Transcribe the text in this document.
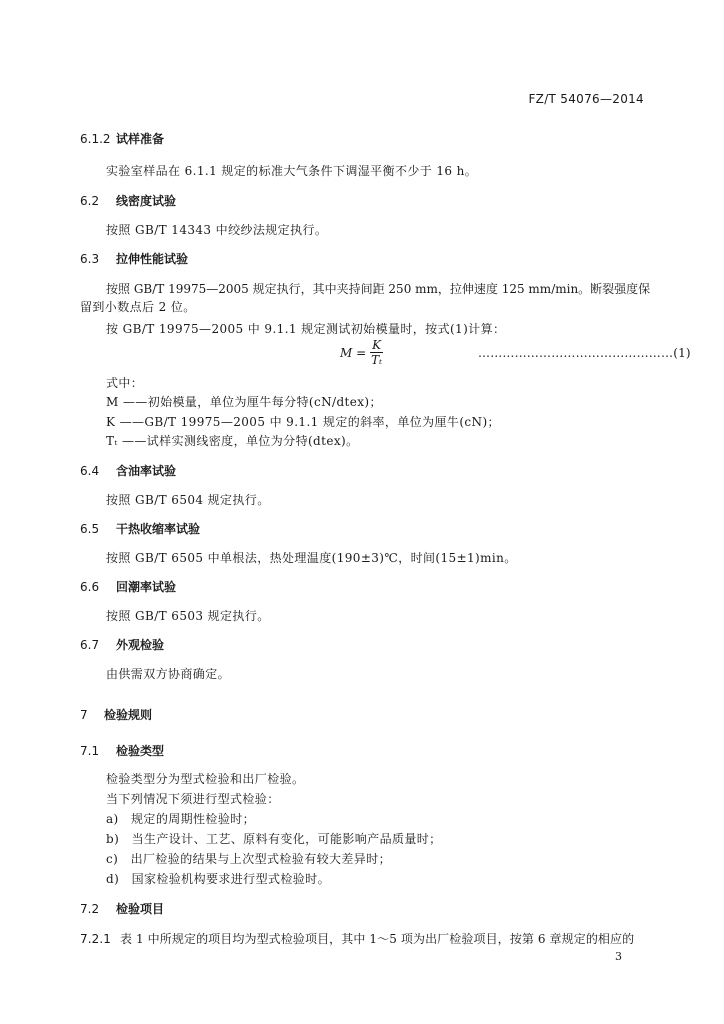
FZ/T 54076—2014
6.1.2 试样准备
实验室样品在 6.1.1 规定的标准大气条件下调湿平衡不少于 16 h。
6.2 线密度试验
按照 GB/T 14343 中绞纱法规定执行。
6.3 拉伸性能试验
按照 GB/T 19975—2005 规定执行，其中夹持间距 250 mm，拉伸速度 125 mm/min。断裂强度保
留到小数点后 2 位。
按 GB/T 19975—2005 中 9.1.1 规定测试初始模量时，按式(1)计算：
$M = \frac{K}{\text{Tₜ}}$	…………………………………………(1)
式中：
M ——初始模量，单位为厘牛每分特(cN/dtex)；
K ——GB/T 19975—2005 中 9.1.1 规定的斜率，单位为厘牛(cN)；
Tₜ ——试样实测线密度，单位为分特(dtex)。
6.4 含油率试验
按照 GB/T 6504 规定执行。
6.5 干热收缩率试验
按照 GB/T 6505 中单根法，热处理温度(190±3)℃，时间(15±1)min。
6.6 回潮率试验
按照 GB/T 6503 规定执行。
6.7 外观检验
由供需双方协商确定。
7 检验规则
7.1 检验类型
检验类型分为型式检验和出厂检验。
当下列情况下须进行型式检验：
a)　规定的周期性检验时；
b)　当生产设计、工艺、原料有变化，可能影响产品质量时；
c)　出厂检验的结果与上次型式检验有较大差异时；
d)　国家检验机构要求进行型式检验时。
7.2 检验项目
7.2.1 表 1 中所规定的项目均为型式检验项目，其中 1～5 项为出厂检验项目，按第 6 章规定的相应的
3
